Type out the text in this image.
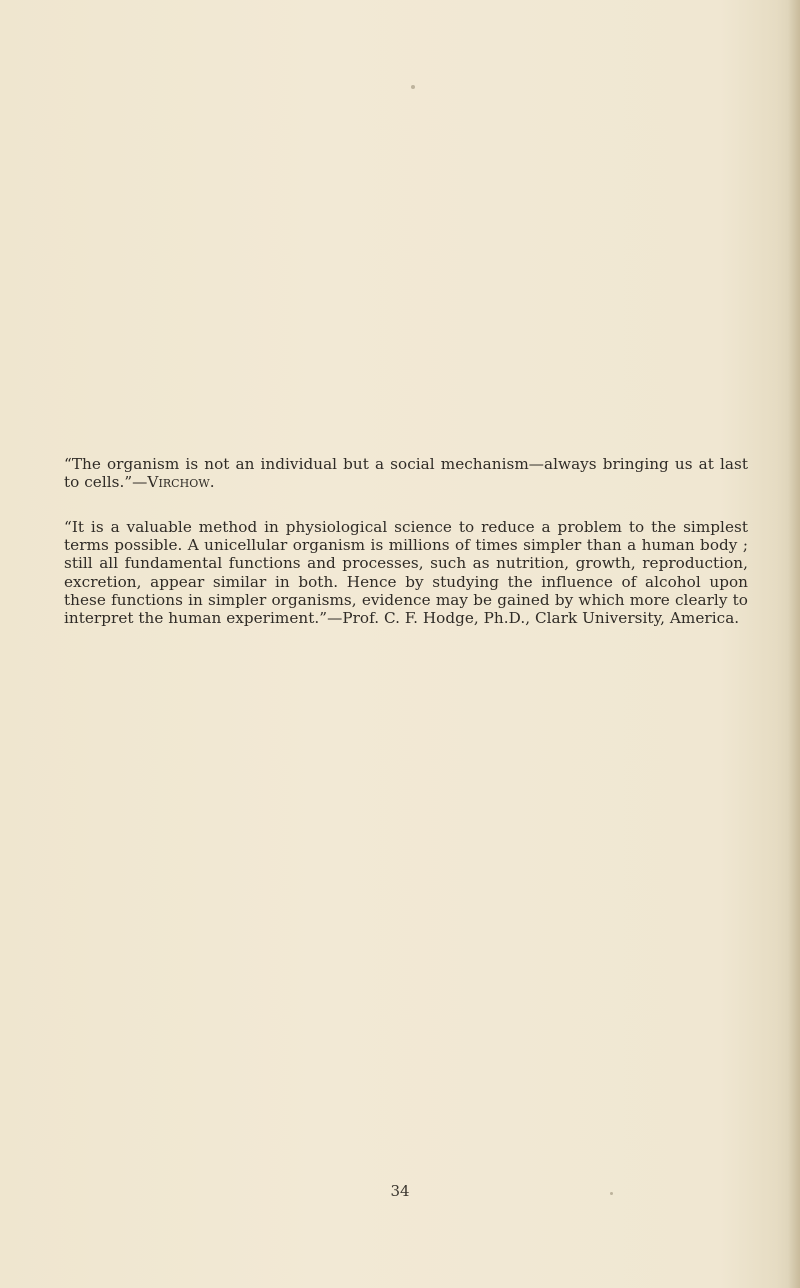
“The organism is not an individual but a social mechanism—always bringing us at last to cells.”—Virchow.

“It is a valuable method in physiological science to reduce a problem to the simplest terms possible. A unicellular organism is millions of times simpler than a human body ; still all fundamental functions and processes, such as nutrition, growth, reproduction, excretion, appear similar in both. Hence by studying the influence of alcohol upon these functions in simpler organisms, evidence may be gained by which more clearly to interpret the human experiment.”—Prof. C. F. Hodge, Ph.D., Clark University, America.

34
